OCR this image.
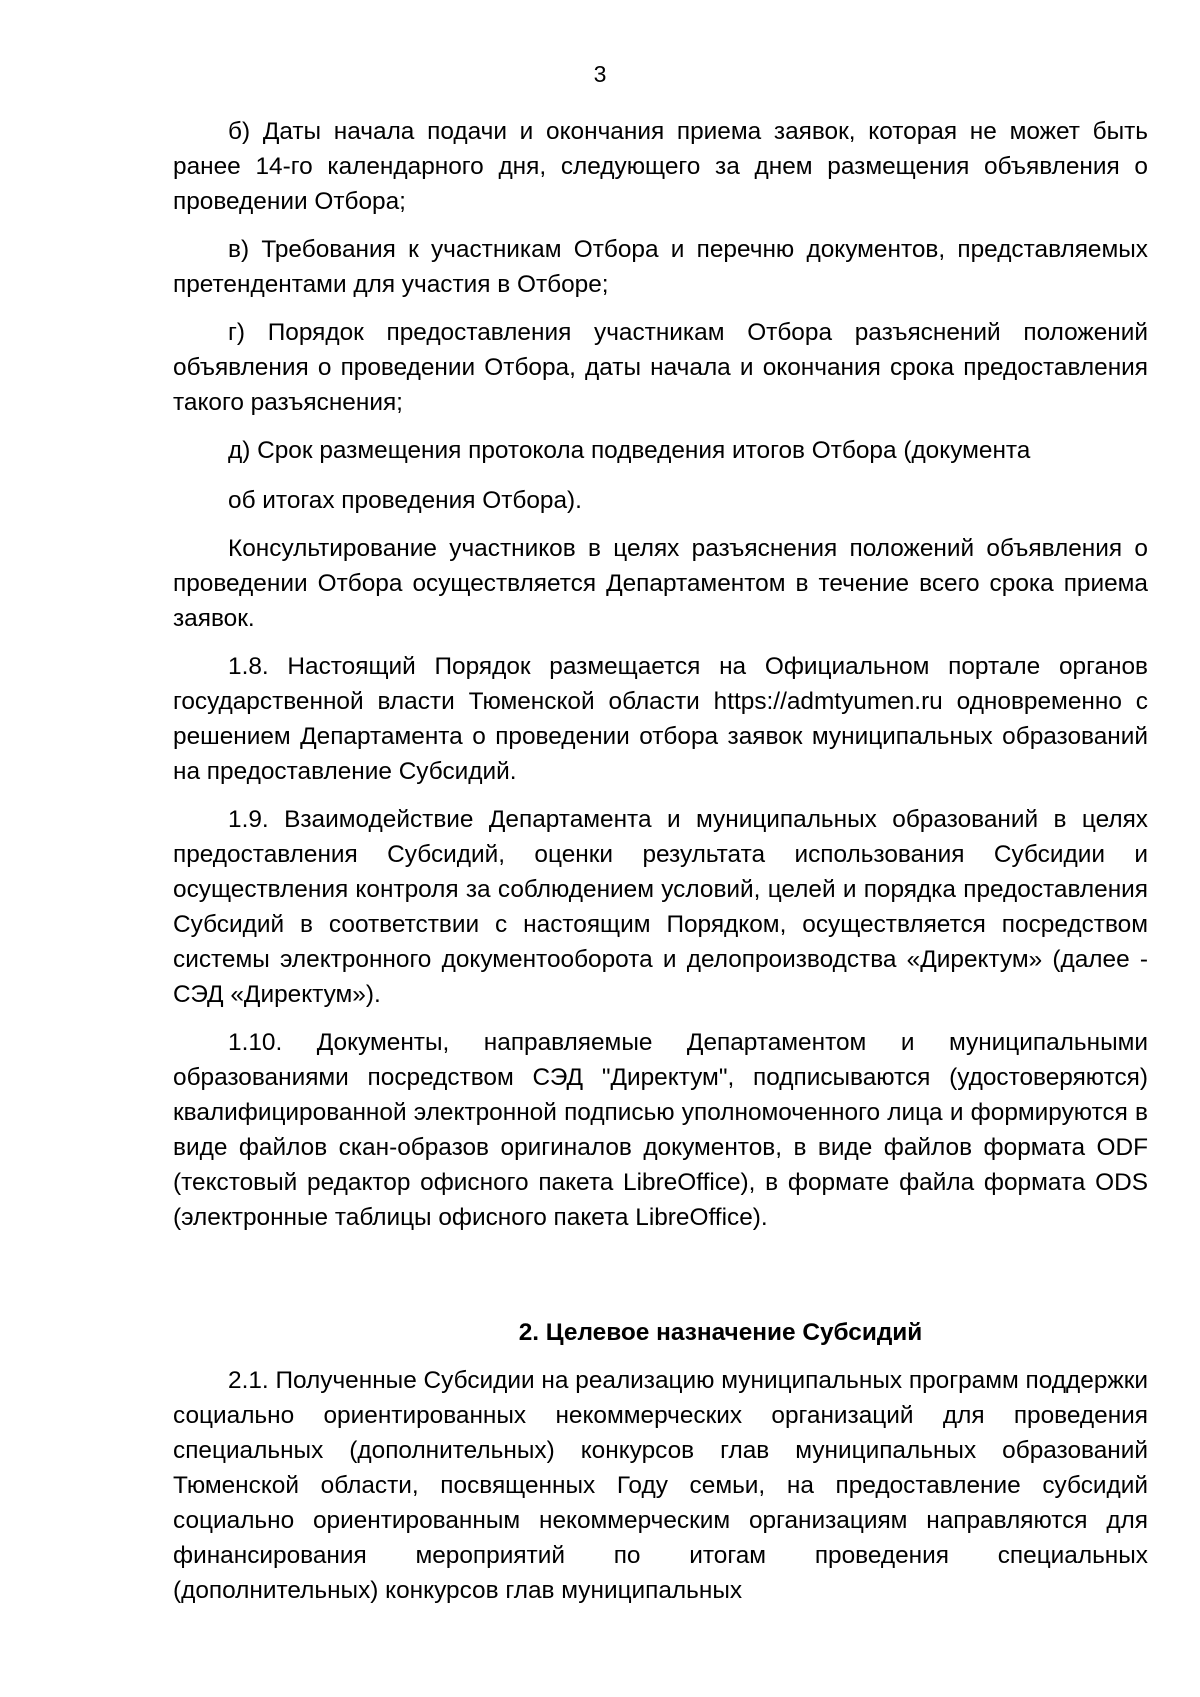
3

б) Даты начала подачи и окончания приема заявок, которая не может быть ранее 14-го календарного дня, следующего за днем размещения объявления о проведении Отбора;

в) Требования к участникам Отбора и перечню документов, представляемых претендентами для участия в Отборе;

г) Порядок предоставления участникам Отбора разъяснений положений объявления о проведении Отбора, даты начала и окончания срока предоставления такого разъяснения;

д) Срок размещения протокола подведения итогов Отбора (документа

об итогах проведения Отбора).

Консультирование участников в целях разъяснения положений объявления о проведении Отбора осуществляется Департаментом в течение всего срока приема заявок.

1.8. Настоящий Порядок размещается на Официальном портале органов государственной власти Тюменской области https://admtyumen.ru одновременно с решением Департамента о проведении отбора заявок муниципальных образований на предоставление Субсидий.

1.9. Взаимодействие Департамента и муниципальных образований в целях предоставления Субсидий, оценки результата использования Субсидии и осуществления контроля за соблюдением условий, целей и порядка предоставления Субсидий в соответствии с настоящим Порядком, осуществляется посредством системы электронного документооборота и делопроизводства «Директум» (далее - СЭД «Директум»).

1.10. Документы, направляемые Департаментом и муниципальными образованиями посредством СЭД "Директум", подписываются (удостоверяются) квалифицированной электронной подписью уполномоченного лица и формируются в виде файлов скан-образов оригиналов документов, в виде файлов формата ODF (текстовый редактор офисного пакета LibreOffice), в формате файла формата ODS (электронные таблицы офисного пакета LibreOffice).

2. Целевое назначение Субсидий

2.1. Полученные Субсидии на реализацию муниципальных программ поддержки социально ориентированных некоммерческих организаций для проведения специальных (дополнительных) конкурсов глав муниципальных образований Тюменской области, посвященных Году семьи, на предоставление субсидий социально ориентированным некоммерческим организациям направляются для финансирования мероприятий по итогам проведения специальных (дополнительных) конкурсов глав муниципальных
